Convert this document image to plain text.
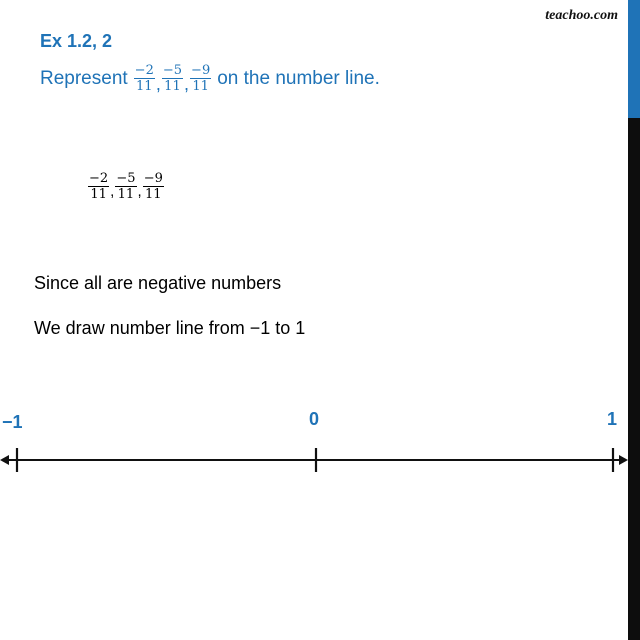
teachoo.com
Ex 1.2, 2
Represent $\frac{-2}{11}$ , $\frac{-5}{11}$ , $\frac{-9}{11}$ on the number line.
$\frac{-2}{11}$ , $\frac{-5}{11}$ , $\frac{-9}{11}$
Since all are negative numbers
We draw number line from −1 to 1
−1	0	1
